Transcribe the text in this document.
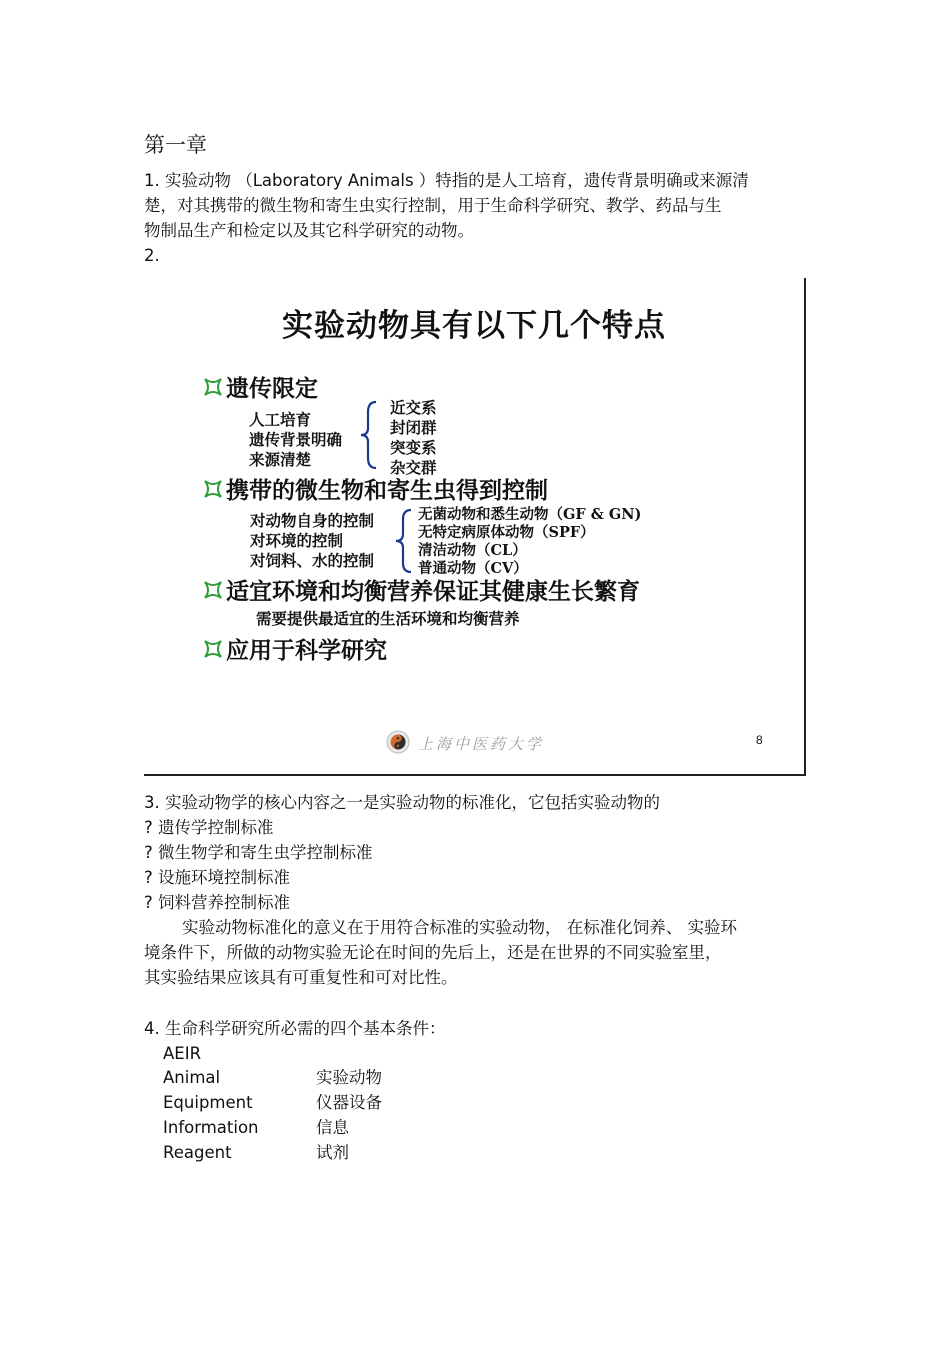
第一章
1. 实验动物 （Laboratory Animals ）特指的是人工培育，遗传背景明确或来源清
楚，对其携带的微生物和寄生虫实行控制，用于生命科学研究、教学、药品与生
物制品生产和检定以及其它科学研究的动物。
2.
实验动物具有以下几个特点
遗传限定
人工培育
遗传背景明确
来源清楚
近交系
封闭群
突变系
杂交群
携带的微生物和寄生虫得到控制
对动物自身的控制
对环境的控制
对饲料、水的控制
无菌动物和悉生动物（GF & GN)
无特定病原体动物（SPF）
清洁动物（CL）
普通动物（CV）
适宜环境和均衡营养保证其健康生长繁育
需要提供最适宜的生活环境和均衡营养
应用于科学研究
上海中医药大学	8
3. 实验动物学的核心内容之一是实验动物的标准化，它包括实验动物的
? 遗传学控制标准
? 微生物学和寄生虫学控制标准
? 设施环境控制标准
? 饲料营养控制标准
实验动物标准化的意义在于用符合标准的实验动物， 在标准化饲养、 实验环
境条件下，所做的动物实验无论在时间的先后上，还是在世界的不同实验室里，
其实验结果应该具有可重复性和可对比性。
4. 生命科学研究所必需的四个基本条件：
AEIR
Animal	实验动物
Equipment	仪器设备
Information	信息
Reagent	试剂
